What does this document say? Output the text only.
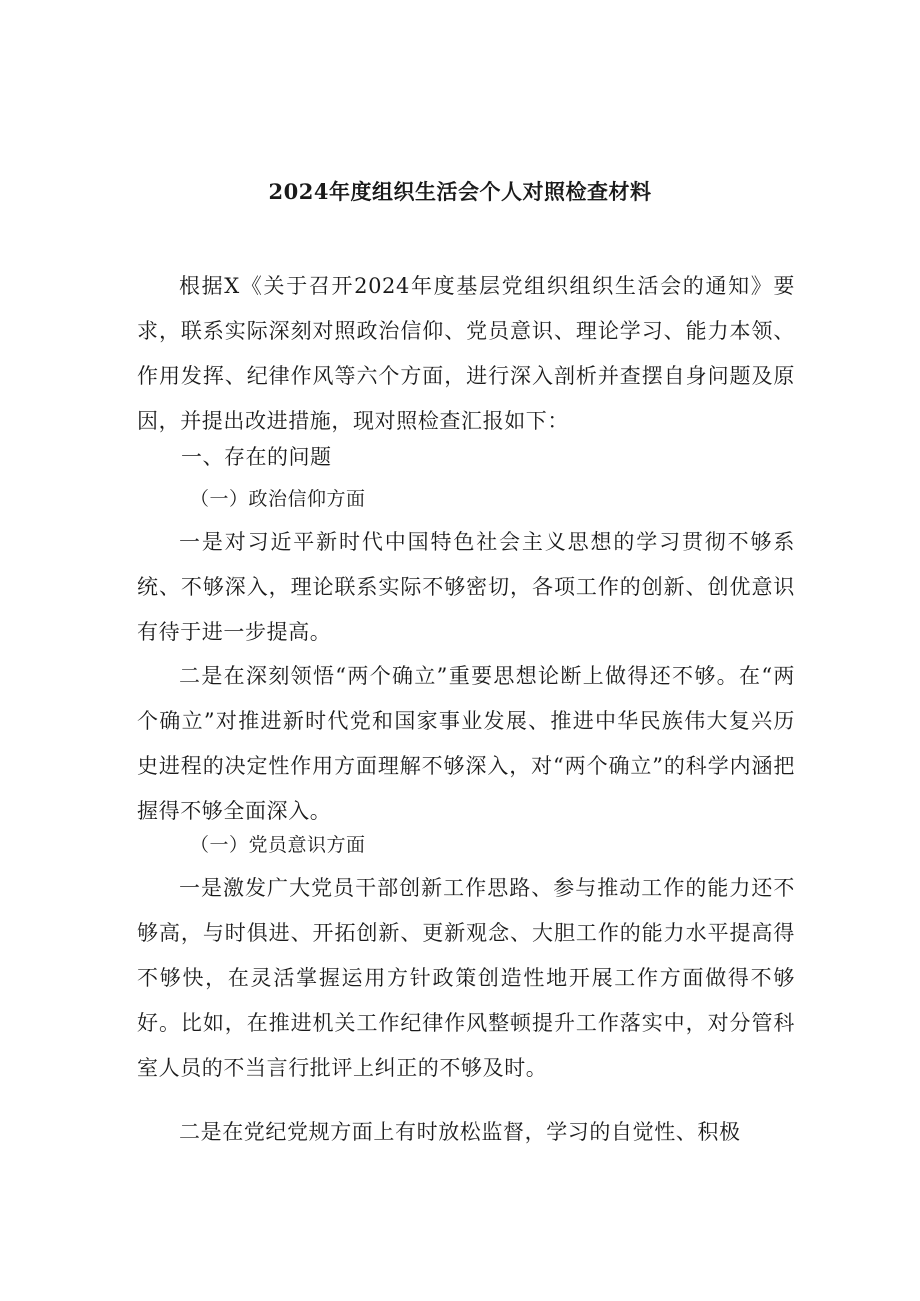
2024年度组织生活会个人对照检查材料
根据X《关于召开2024年度基层党组织组织生活会的通知》要求，联系实际深刻对照政治信仰、党员意识、理论学习、能力本领、作用发挥、纪律作风等六个方面，进行深入剖析并查摆自身问题及原因，并提出改进措施，现对照检查汇报如下：
一、存在的问题
（一）政治信仰方面
一是对习近平新时代中国特色社会主义思想的学习贯彻不够系统、不够深入，理论联系实际不够密切，各项工作的创新、创优意识有待于进一步提高。
二是在深刻领悟“两个确立”重要思想论断上做得还不够。在“两个确立”对推进新时代党和国家事业发展、推进中华民族伟大复兴历史进程的决定性作用方面理解不够深入，对“两个确立”的科学内涵把握得不够全面深入。
（一）党员意识方面
一是激发广大党员干部创新工作思路、参与推动工作的能力还不够高，与时俱进、开拓创新、更新观念、大胆工作的能力水平提高得不够快，在灵活掌握运用方针政策创造性地开展工作方面做得不够好。比如，在推进机关工作纪律作风整顿提升工作落实中，对分管科室人员的不当言行批评上纠正的不够及时。
二是在党纪党规方面上有时放松监督，学习的自觉性、积极
